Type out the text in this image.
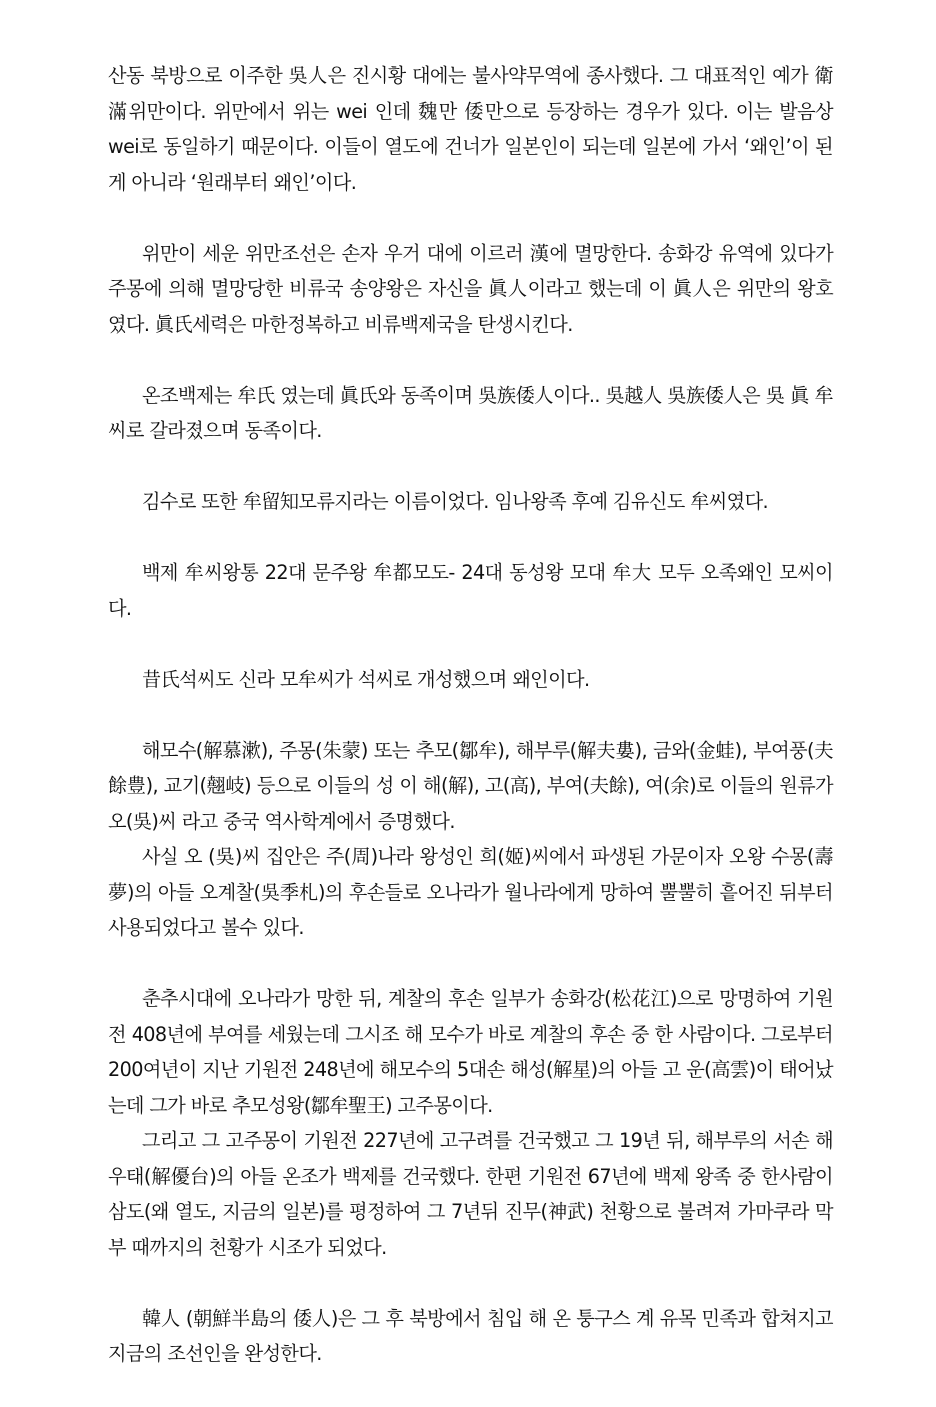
산동 북방으로 이주한 吳人은 진시황 대에는 불사약무역에 종사했다. 그 대표적인 예가 衛滿위만이다. 위만에서 위는 wei 인데 魏만 倭만으로 등장하는 경우가 있다. 이는 발음상 wei로 동일하기 때문이다. 이들이 열도에 건너가 일본인이 되는데 일본에 가서 ‘왜인’이 된 게 아니라 ‘원래부터 왜인’이다.

위만이 세운 위만조선은 손자 우거 대에 이르러 漢에 멸망한다. 송화강 유역에 있다가 주몽에 의해 멸망당한 비류국 송양왕은 자신을 眞人이라고 했는데 이 眞人은 위만의 왕호였다. 眞氏세력은 마한정복하고 비류백제국을 탄생시킨다.

온조백제는 牟氏 였는데 眞氏와 동족이며 吳族倭人이다.. 吳越人 吳族倭人은 吳 眞 牟 씨로 갈라졌으며 동족이다.

김수로 또한 牟留知모류지라는 이름이었다. 임나왕족 후예 김유신도 牟씨였다.

백제 牟씨왕통 22대 문주왕 牟都모도- 24대 동성왕 모대 牟大 모두 오족왜인 모씨이다.

昔氏석씨도 신라 모牟씨가 석씨로 개성했으며 왜인이다.

해모수(解慕漱), 주몽(朱蒙) 또는 추모(鄒牟), 해부루(解夫婁), 금와(金蛙), 부여풍(夫餘豊), 교기(翹岐) 등으로 이들의 성 이 해(解), 고(高), 부여(夫餘), 여(余)로 이들의 원류가 오(吳)씨 라고 중국 역사학계에서 증명했다.

사실 오 (吳)씨 집안은 주(周)나라 왕성인 희(姬)씨에서 파생된 가문이자 오왕 수몽(壽夢)의 아들 오계찰(吳季札)의 후손들로 오나라가 월나라에게 망하여 뿔뿔히 흩어진 뒤부터 사용되었다고 볼수 있다.

춘추시대에 오나라가 망한 뒤, 계찰의 후손 일부가 송화강(松花江)으로 망명하여 기원전 408년에 부여를 세웠는데 그시조 해 모수가 바로 계찰의 후손 중 한 사람이다. 그로부터 200여년이 지난 기원전 248년에 해모수의 5대손 해성(解星)의 아들 고 운(高雲)이 태어났는데 그가 바로 추모성왕(鄒牟聖王) 고주몽이다.

그리고 그 고주몽이 기원전 227년에 고구려를 건국했고 그 19년 뒤, 해부루의 서손 해우태(解優台)의 아들 온조가 백제를 건국했다. 한편 기원전 67년에 백제 왕족 중 한사람이 삼도(왜 열도, 지금의 일본)를 평정하여 그 7년뒤 진무(神武) 천황으로 불려져 가마쿠라 막부 때까지의 천황가 시조가 되었다.

韓人 (朝鮮半島의 倭人)은 그 후 북방에서 침입 해 온 퉁구스 계 유목 민족과 합쳐지고 지금의 조선인을 완성한다.
